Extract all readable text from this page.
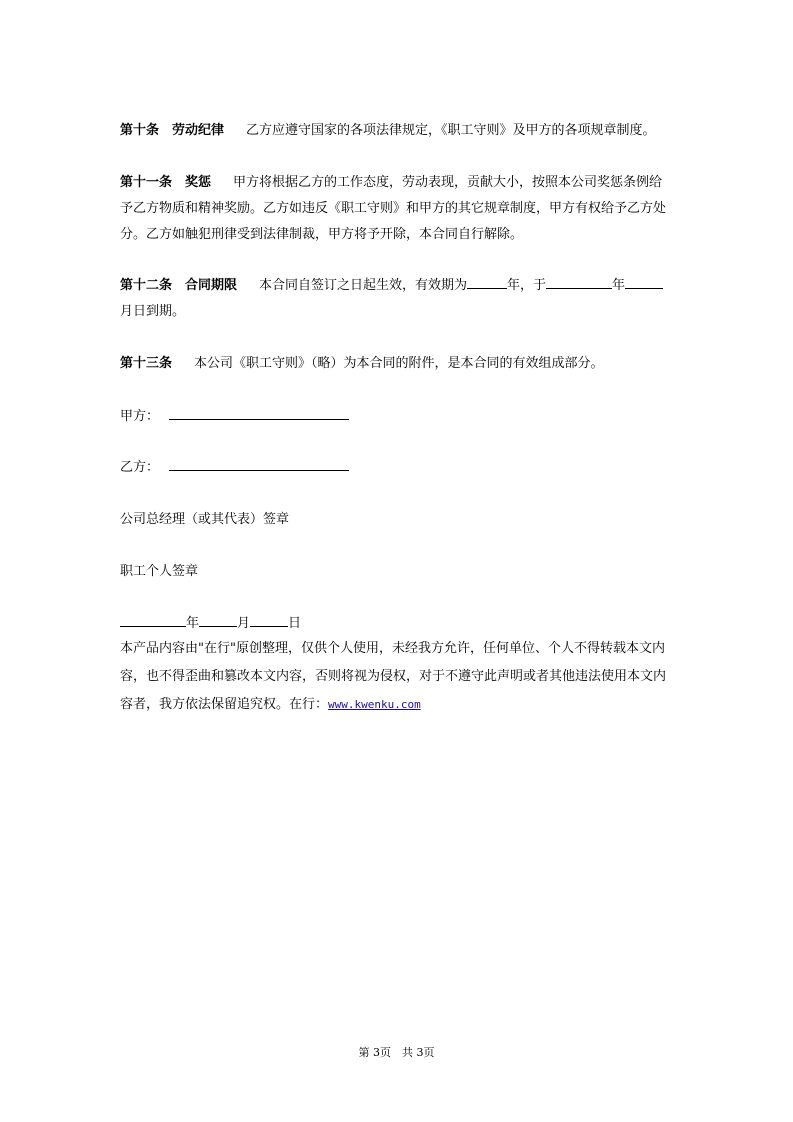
第十条　劳动纪律 乙方应遵守国家的各项法律规定，《职工守则》及甲方的各项规章制度。

第十一条　奖惩 甲方将根据乙方的工作态度，劳动表现，贡献大小，按照本公司奖惩条例给予乙方物质和精神奖励。乙方如违反《职工守则》和甲方的其它规章制度，甲方有权给予乙方处分。乙方如触犯刑律受到法律制裁，甲方将予开除，本合同自行解除。

第十二条　合同期限 本合同自签订之日起生效，有效期为	年，于	年月日到期。

第十三条 本公司《职工守则》（略）为本合同的附件，是本合同的有效组成部分。

甲方：

乙方：

公司总经理（或其代表）签章

职工个人签章

年	月	日

本产品内容由"在行"原创整理，仅供个人使用，未经我方允许，任何单位、个人不得转载本文内容，也不得歪曲和篡改本文内容，否则将视为侵权，对于不遵守此声明或者其他违法使用本文内容者，我方依法保留追究权。在行：www.kwenku.com

第 3页　共 3页
